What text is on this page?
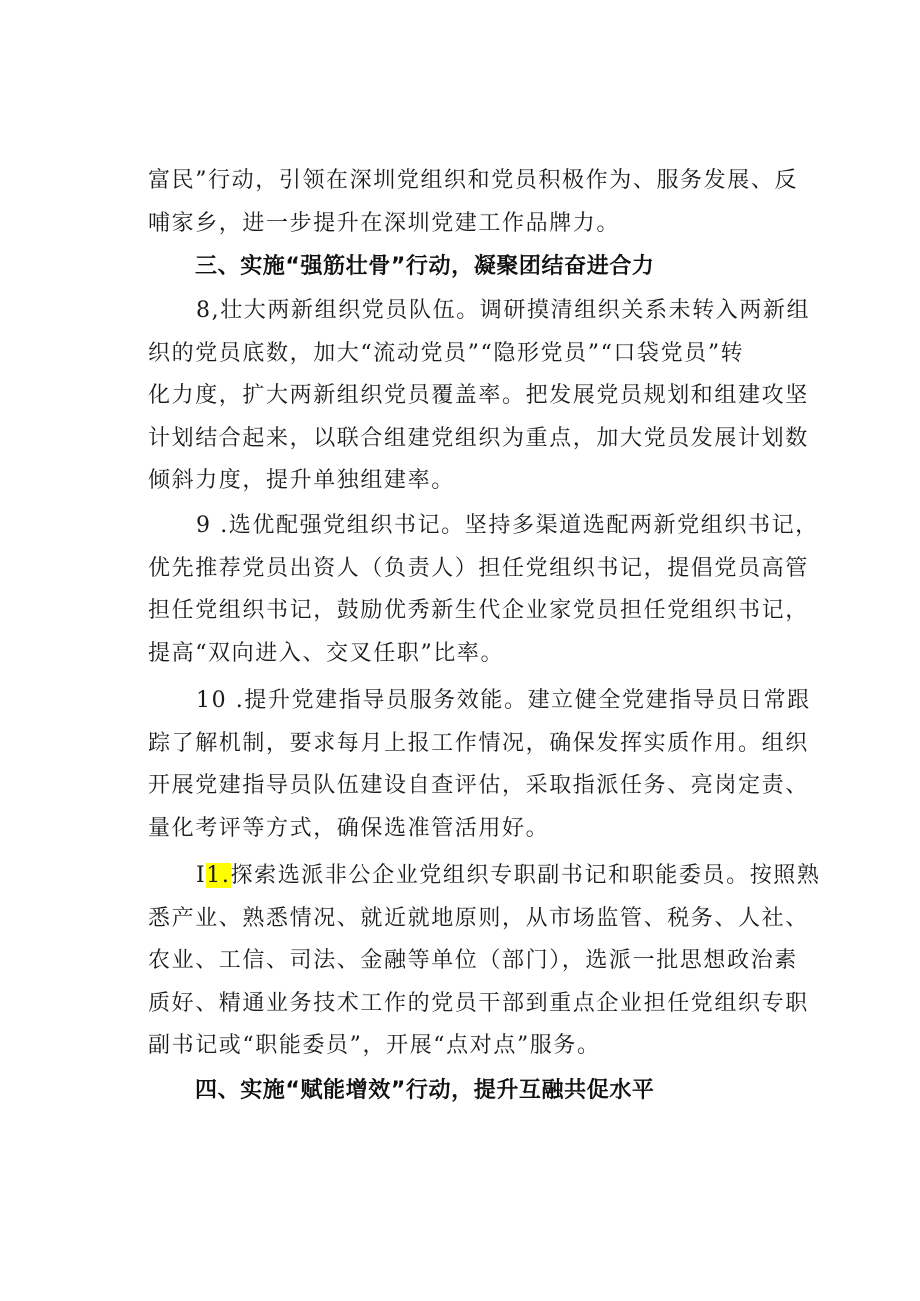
富民”行动，引领在深圳党组织和党员积极作为、服务发展、反
哺家乡，进一步提升在深圳党建工作品牌力。
三、实施“强筋壮骨”行动，凝聚团结奋进合力
8,壮大两新组织党员队伍。调研摸清组织关系未转入两新组
织的党员底数，加大“流动党员”“隐形党员”“口袋党员”转
化力度，扩大两新组织党员覆盖率。把发展党员规划和组建攻坚
计划结合起来，以联合组建党组织为重点，加大党员发展计划数
倾斜力度，提升单独组建率。
9 .选优配强党组织书记。坚持多渠道选配两新党组织书记，
优先推荐党员出资人（负责人）担任党组织书记，提倡党员高管
担任党组织书记，鼓励优秀新生代企业家党员担任党组织书记，
提高“双向进入、交叉任职”比率。
10 .提升党建指导员服务效能。建立健全党建指导员日常跟
踪了解机制，要求每月上报工作情况，确保发挥实质作用。组织
开展党建指导员队伍建设自查评估，采取指派任务、亮岗定责、
量化考评等方式，确保选准管活用好。
I1.探索选派非公企业党组织专职副书记和职能委员。按照熟
悉产业、熟悉情况、就近就地原则，从市场监管、税务、人社、
农业、工信、司法、金融等单位（部门），选派一批思想政治素
质好、精通业务技术工作的党员干部到重点企业担任党组织专职
副书记或“职能委员”，开展“点对点”服务。
四、实施“赋能增效”行动，提升互融共促水平
